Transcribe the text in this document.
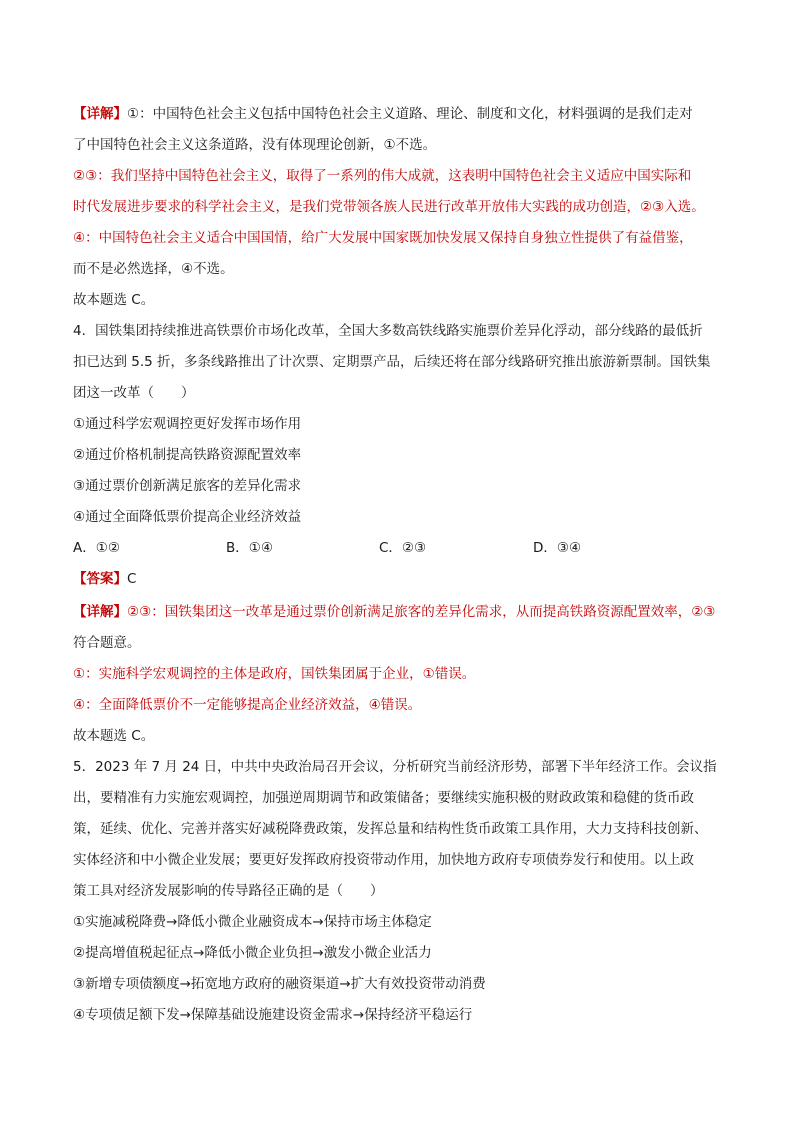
【详解】①：中国特色社会主义包括中国特色社会主义道路、理论、制度和文化，材料强调的是我们走对
了中国特色社会主义这条道路，没有体现理论创新，①不选。
②③：我们坚持中国特色社会主义，取得了一系列的伟大成就，这表明中国特色社会主义适应中国实际和
时代发展进步要求的科学社会主义，是我们党带领各族人民进行改革开放伟大实践的成功创造，②③入选。
④：中国特色社会主义适合中国国情，给广大发展中国家既加快发展又保持自身独立性提供了有益借鉴，
而不是必然选择，④不选。
故本题选 C。
4．国铁集团持续推进高铁票价市场化改革，全国大多数高铁线路实施票价差异化浮动，部分线路的最低折
扣已达到 5.5 折，多条线路推出了计次票、定期票产品，后续还将在部分线路研究推出旅游新票制。国铁集
团这一改革（　　）
①通过科学宏观调控更好发挥市场作用
②通过价格机制提高铁路资源配置效率
③通过票价创新满足旅客的差异化需求
④通过全面降低票价提高企业经济效益
A．①②	B．①④	C．②③	D．③④
【答案】C
【详解】②③：国铁集团这一改革是通过票价创新满足旅客的差异化需求，从而提高铁路资源配置效率，②③
符合题意。
①：实施科学宏观调控的主体是政府，国铁集团属于企业，①错误。
④：全面降低票价不一定能够提高企业经济效益，④错误。
故本题选 C。
5．2023 年 7 月 24 日，中共中央政治局召开会议，分析研究当前经济形势，部署下半年经济工作。会议指
出，要精准有力实施宏观调控，加强逆周期调节和政策储备；要继续实施积极的财政政策和稳健的货币政
策，延续、优化、完善并落实好减税降费政策，发挥总量和结构性货币政策工具作用，大力支持科技创新、
实体经济和中小微企业发展；要更好发挥政府投资带动作用，加快地方政府专项债券发行和使用。以上政
策工具对经济发展影响的传导路径正确的是（　　）
①实施减税降费→降低小微企业融资成本→保持市场主体稳定
②提高增值税起征点→降低小微企业负担→激发小微企业活力
③新增专项债额度→拓宽地方政府的融资渠道→扩大有效投资带动消费
④专项债足额下发→保障基础设施建设资金需求→保持经济平稳运行
